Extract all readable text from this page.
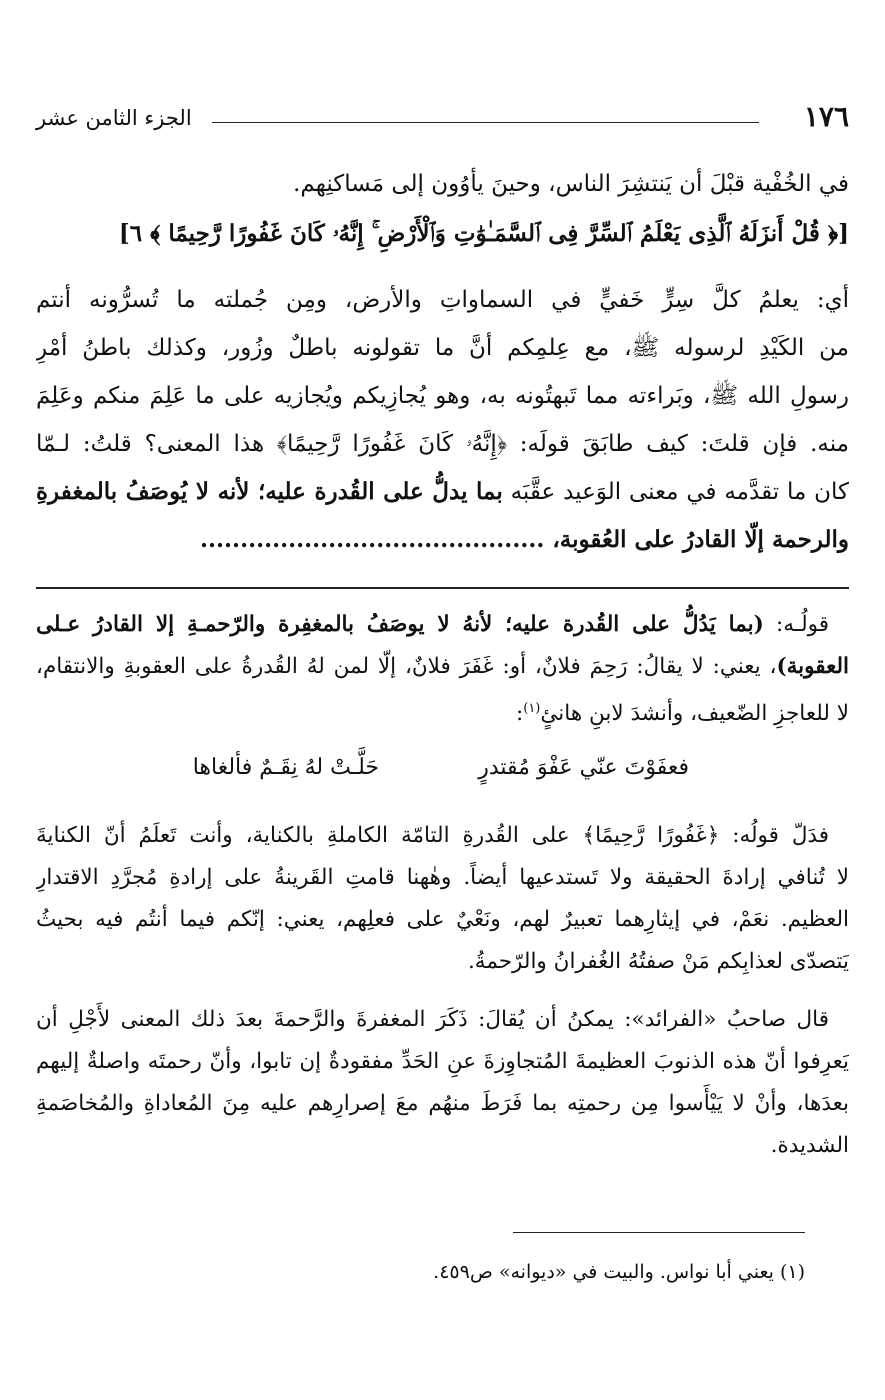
الجزء الثامن عشر	١٧٦
في الخُفْية قبْلَ أن يَنتشِرَ الناس، وحينَ يأوُون إلى مَساكنِهم.
[﴿ قُلْ أَنزَلَهُ ٱلَّذِى يَعْلَمُ ٱلسِّرَّ فِى ٱلسَّمَـٰوَٰتِ وَٱلْأَرْضِ ۚ إِنَّهُۥ كَانَ غَفُورًا رَّحِيمًا ﴾ ٦]
أي: يعلمُ كلَّ سِرٍّ خَفيٍّ في السماواتِ والأرض، ومِن جُملته ما تُسرُّونه أنتم
من الكَيْدِ لرسوله ﷺ، مع عِلمِكم أنَّ ما تقولونه باطلٌ وزُور، وكذلك باطنُ أمْرِ
رسولِ الله ﷺ، وبَراءته مما تَبهتُونه به، وهو يُجازِيكم ويُجازيه على ما عَلِمَ منكم وعَلِمَ
منه. فإن قلتَ: كيف طابَقَ قولَه: ﴿إِنَّهُۥ كَانَ غَفُورًا رَّحِيمًا﴾ هذا المعنى؟ قلتُ: لـمّا
كان ما تقدَّمه في معنى الوَعيد عقَّبَه بما يدلُّ على القُدرة عليه؛ لأنه لا يُوصَفُ بالمغفرةِ
والرحمة إلّا القادرُ على العُقوبة، ...........................................
قولُـه: (بما يَدُلُّ على القُدرة عليه؛ لأنهُ لا يوصَفُ بالمغفِرة والرّحمـةِ إلا القادرُ عـلى
العقوبة)، يعني: لا يقالُ: رَحِمَ فلانٌ، أو: غَفَرَ فلانٌ، إلّا لمن لهُ القُدرةُ على العقوبةِ والانتقام،
لا للعاجزِ الضّعيف، وأنشدَ لابنِ هانئٍ$^{(١)}$:
فعفَوْتَ عنّي عَفْوَ مُقتدرٍ
حَلَّـتْ لهُ نِقَـمٌ فألغاها
فدَلّ قولُه: ﴿غَفُورًا رَّحِيمًا﴾ على القُدرةِ التامّة الكاملةِ بالكناية، وأنت تَعلَمُ أنّ الكنايةَ
لا تُنافي إرادةَ الحقيقة ولا تَستدعيها أيضاً. وهٰهنا قامتِ القَرينةُ على إرادةِ مُجرَّدِ الاقتدارِ
العظيم. نعَمْ، في إيثارِهما تعبيرٌ لهم، ونَعْيٌ على فعلِهم، يعني: إنّكم فيما أنتُم فيه بحيثُ
يَتصدّى لعذابِكم مَنْ صفتُهُ الغُفرانُ والرّحمةُ.
قال صاحبُ «الفرائد»: يمكنُ أن يُقالَ: ذَكَرَ المغفرةَ والرَّحمةَ بعدَ ذلك المعنى لأَجْلِ أن
يَعرِفوا أنّ هذه الذنوبَ العظيمةَ المُتجاوِزةَ عنِ الحَدِّ مفقودةٌ إن تابوا، وأنّ رحمتَه واصلةٌ إليهم
بعدَها، وأنْ لا يَيْأَسوا مِن رحمتِه بما فَرَطَ منهُم معَ إصرارِهم عليه مِنَ المُعاداةِ والمُخاصَمةِ
الشديدة.
(١) يعني أبا نواس. والبيت في «ديوانه» ص٤٥٩.
